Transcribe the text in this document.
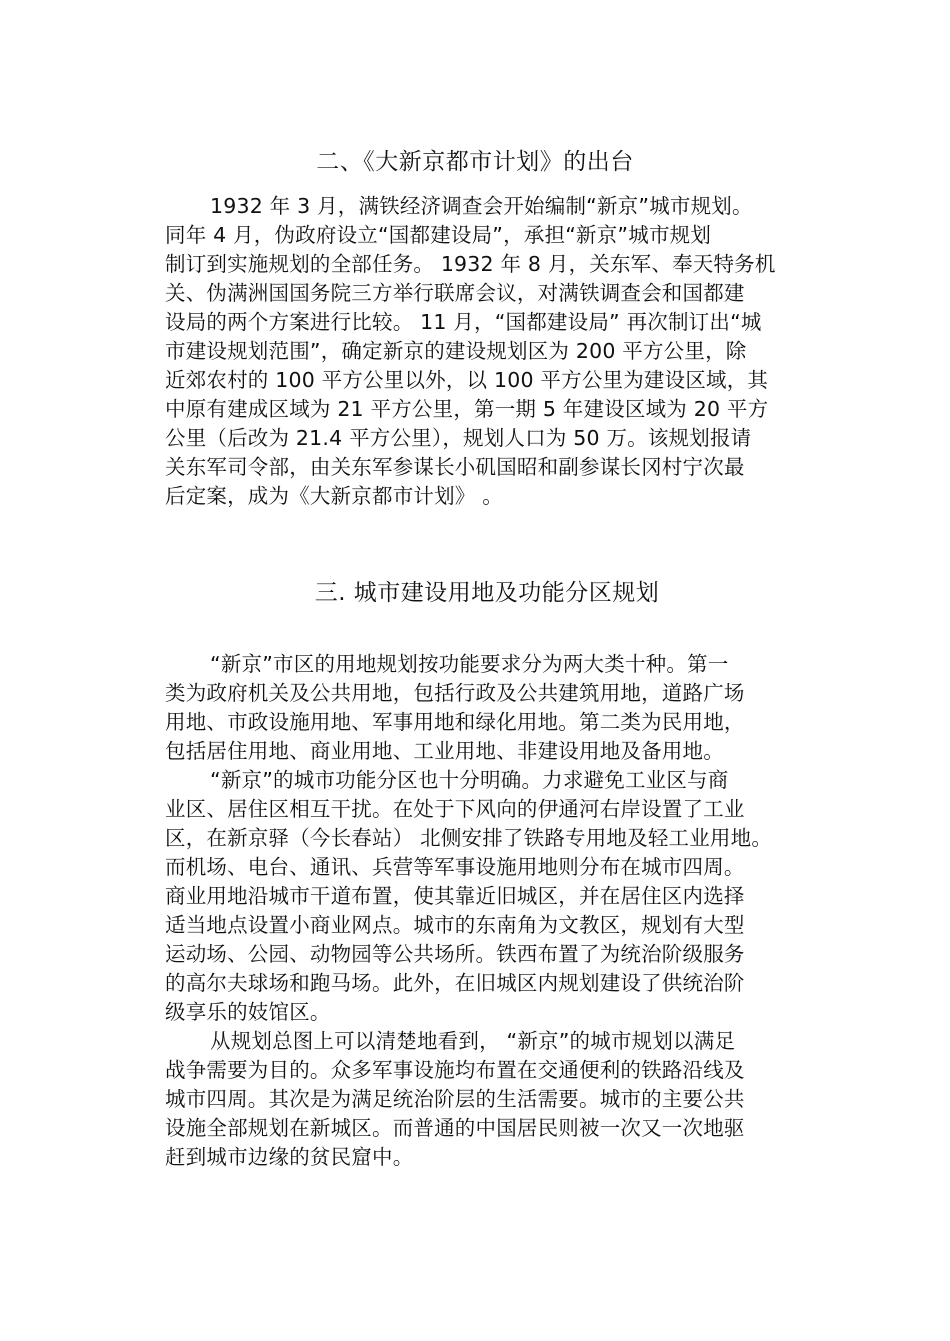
二、《大新京都市计划》的出台
1932 年 3 月，满铁经济调查会开始编制“新京”城市规划。
同年 4 月，伪政府设立“国都建设局”，承担“新京”城市规划
制订到实施规划的全部任务。 1932 年 8 月，关东军、奉天特务机
关、伪满洲国国务院三方举行联席会议，对满铁调查会和国都建
设局的两个方案进行比较。 11 月，“国都建设局” 再次制订出“城
市建设规划范围”，确定新京的建设规划区为 200 平方公里，除
近郊农村的 100 平方公里以外，以 100 平方公里为建设区域，其
中原有建成区域为 21 平方公里，第一期 5 年建设区域为 20 平方
公里（后改为 21.4 平方公里），规划人口为 50 万。该规划报请
关东军司令部，由关东军参谋长小矶国昭和副参谋长冈村宁次最
后定案，成为《大新京都市计划》 。
三. 城市建设用地及功能分区规划
“新京”市区的用地规划按功能要求分为两大类十种。第一
类为政府机关及公共用地，包括行政及公共建筑用地，道路广场
用地、市政设施用地、军事用地和绿化用地。第二类为民用地，
包括居住用地、商业用地、工业用地、非建设用地及备用地。
“新京”的城市功能分区也十分明确。力求避免工业区与商
业区、居住区相互干扰。在处于下风向的伊通河右岸设置了工业
区，在新京驿（今长春站） 北侧安排了铁路专用地及轻工业用地。
而机场、电台、通讯、兵营等军事设施用地则分布在城市四周。
商业用地沿城市干道布置，使其靠近旧城区，并在居住区内选择
适当地点设置小商业网点。城市的东南角为文教区，规划有大型
运动场、公园、动物园等公共场所。铁西布置了为统治阶级服务
的高尔夫球场和跑马场。此外，在旧城区内规划建设了供统治阶
级享乐的妓馆区。
从规划总图上可以清楚地看到， “新京”的城市规划以满足
战争需要为目的。众多军事设施均布置在交通便利的铁路沿线及
城市四周。其次是为满足统治阶层的生活需要。城市的主要公共
设施全部规划在新城区。而普通的中国居民则被一次又一次地驱
赶到城市边缘的贫民窟中。
